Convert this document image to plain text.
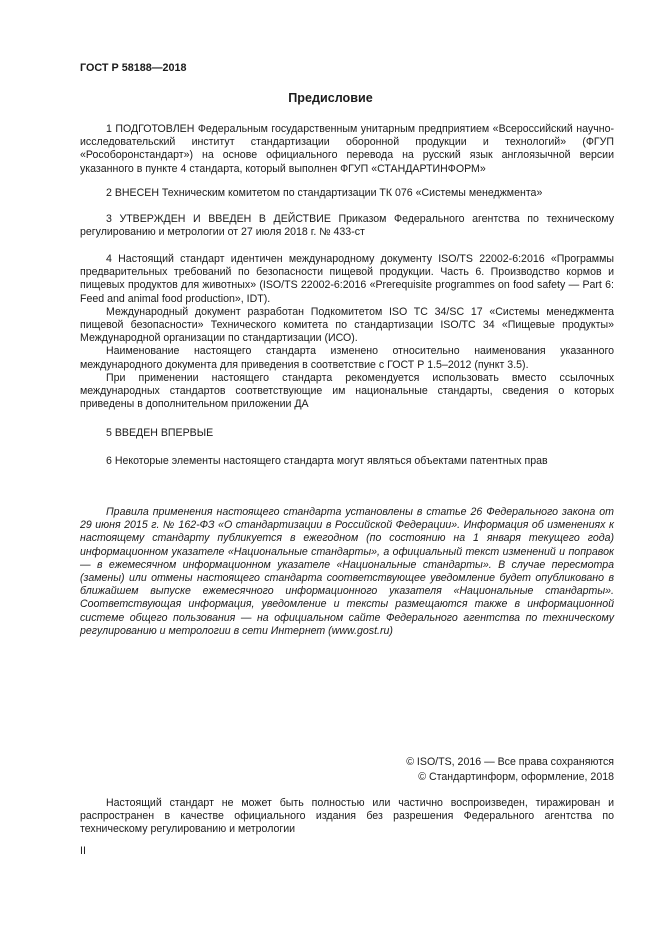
ГОСТ Р 58188—2018
Предисловие

1 ПОДГОТОВЛЕН Федеральным государственным унитарным предприятием «Всероссийский научно-исследовательский институт стандартизации оборонной продукции и технологий» (ФГУП «Рособоронстандарт») на основе официального перевода на русский язык англоязычной версии указанного в пункте 4 стандарта, который выполнен ФГУП «СТАНДАРТИНФОРМ»

2 ВНЕСЕН Техническим комитетом по стандартизации ТК 076 «Системы менеджмента»

3 УТВЕРЖДЕН И ВВЕДЕН В ДЕЙСТВИЕ Приказом Федерального агентства по техническому регулированию и метрологии от 27 июля 2018 г. № 433-ст

4 Настоящий стандарт идентичен международному документу ISO/TS 22002-6:2016 «Программы предварительных требований по безопасности пищевой продукции. Часть 6. Производство кормов и пищевых продуктов для животных» (ISO/TS 22002-6:2016 «Prerequisite programmes on food safety — Part 6: Feed and animal food production», IDT).

Международный документ разработан Подкомитетом ISO TC 34/SC 17 «Системы менеджмента пищевой безопасности» Технического комитета по стандартизации ISO/TC 34 «Пищевые продукты» Международной организации по стандартизации (ИСО).

Наименование настоящего стандарта изменено относительно наименования указанного международного документа для приведения в соответствие с ГОСТ Р 1.5–2012 (пункт 3.5).

При применении настоящего стандарта рекомендуется использовать вместо ссылочных международных стандартов соответствующие им национальные стандарты, сведения о которых приведены в дополнительном приложении ДА

5 ВВЕДЕН ВПЕРВЫЕ

6 Некоторые элементы настоящего стандарта могут являться объектами патентных прав

Правила применения настоящего стандарта установлены в статье 26 Федерального закона от 29 июня 2015 г. № 162-ФЗ «О стандартизации в Российской Федерации». Информация об изменениях к настоящему стандарту публикуется в ежегодном (по состоянию на 1 января текущего года) информационном указателе «Национальные стандарты», а официальный текст изменений и поправок — в ежемесячном информационном указателе «Национальные стандарты». В случае пересмотра (замены) или отмены настоящего стандарта соответствующее уведомление будет опубликовано в ближайшем выпуске ежемесячного информационного указателя «Национальные стандарты». Соответствующая информация, уведомление и тексты размещаются также в информационной системе общего пользования — на официальном сайте Федерального агентства по техническому регулированию и метрологии в сети Интернет (www.gost.ru)

© ISO/TS, 2016 — Все права сохраняются
© Стандартинформ, оформление, 2018

Настоящий стандарт не может быть полностью или частично воспроизведен, тиражирован и распространен в качестве официального издания без разрешения Федерального агентства по техническому регулированию и метрологии

II
